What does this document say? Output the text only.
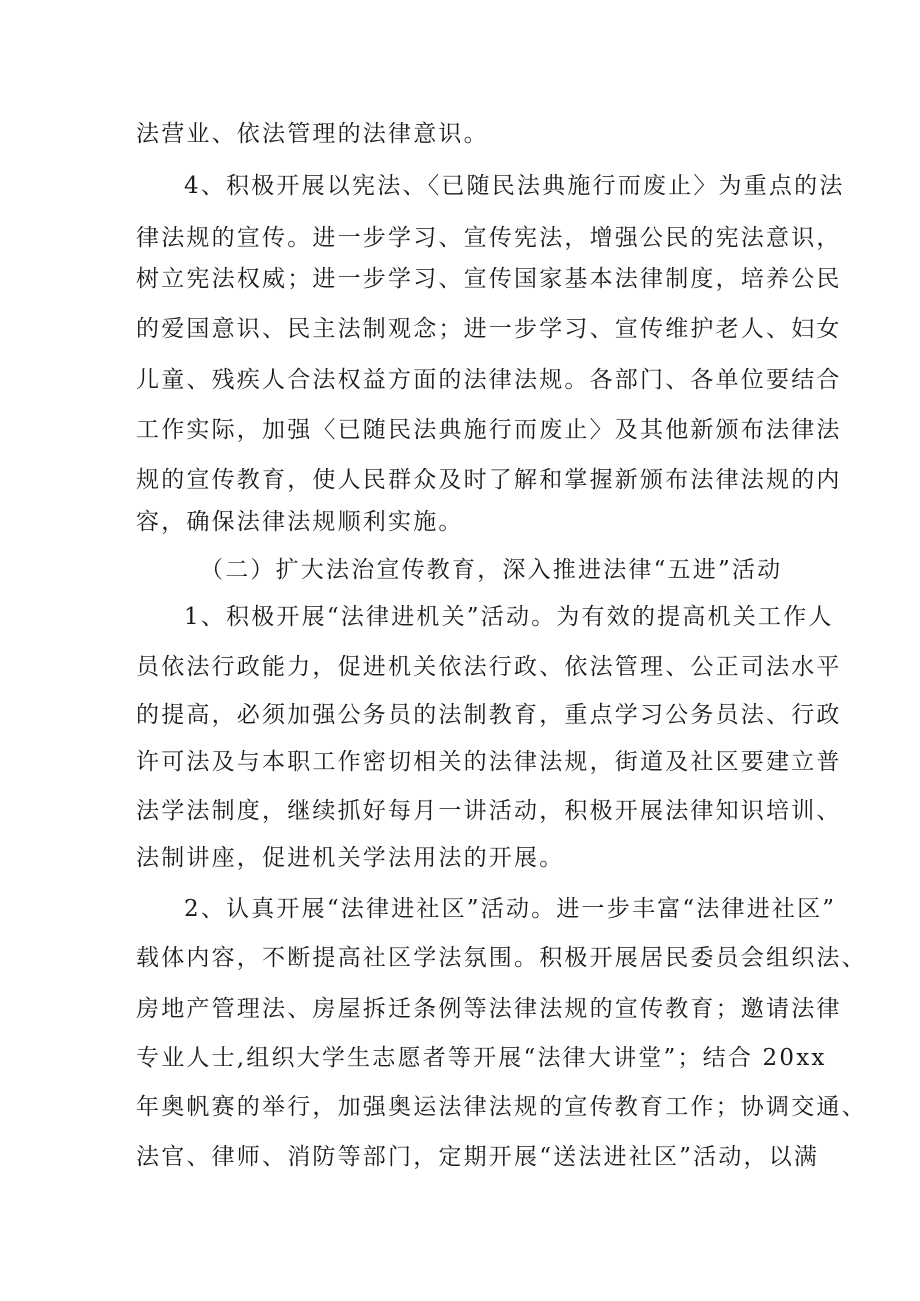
法营业、依法管理的法律意识。
4、积极开展以宪法、〈已随民法典施行而废止〉为重点的法
律法规的宣传。进一步学习、宣传宪法，增强公民的宪法意识，
树立宪法权威；进一步学习、宣传国家基本法律制度，培养公民
的爱国意识、民主法制观念；进一步学习、宣传维护老人、妇女
儿童、残疾人合法权益方面的法律法规。各部门、各单位要结合
工作实际，加强〈已随民法典施行而废止〉及其他新颁布法律法
规的宣传教育，使人民群众及时了解和掌握新颁布法律法规的内
容，确保法律法规顺利实施。
（二）扩大法治宣传教育，深入推进法律“五进”活动
1、积极开展“法律进机关”活动。为有效的提高机关工作人
员依法行政能力，促进机关依法行政、依法管理、公正司法水平
的提高，必须加强公务员的法制教育，重点学习公务员法、行政
许可法及与本职工作密切相关的法律法规，街道及社区要建立普
法学法制度，继续抓好每月一讲活动，积极开展法律知识培训、
法制讲座，促进机关学法用法的开展。
2、认真开展“法律进社区”活动。进一步丰富“法律进社区”
载体内容，不断提高社区学法氛围。积极开展居民委员会组织法、
房地产管理法、房屋拆迁条例等法律法规的宣传教育；邀请法律
专业人士,组织大学生志愿者等开展“法律大讲堂”；结合 20xx
年奥帆赛的举行，加强奥运法律法规的宣传教育工作；协调交通、
法官、律师、消防等部门，定期开展“送法进社区”活动，以满
